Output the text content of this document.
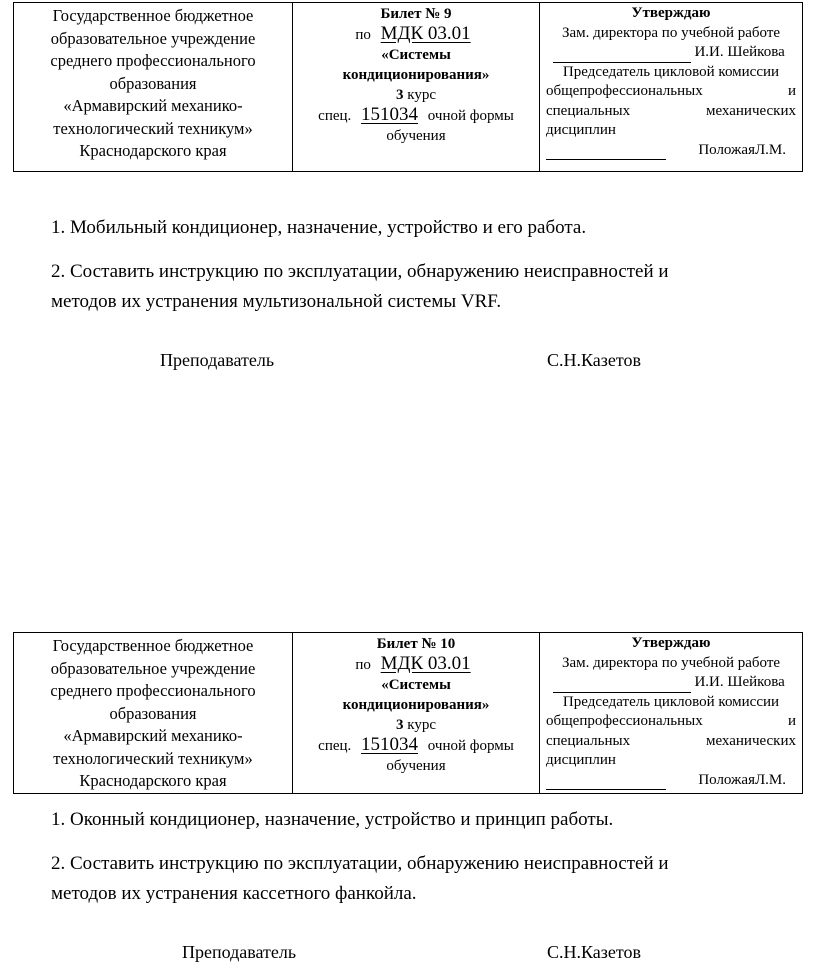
Государственное бюджетное
образовательное учреждение
среднего профессионального
образования
«Армавирский механико-
технологический техникум»
Краснодарского края

Билет № 9
по МДК 03.01
«Системы
кондиционирования»
3 курс
спец. 151034 очной формы
обучения

Утверждаю
Зам. директора по учебной работе
И.И. Шейкова
Председатель цикловой комиссии
общепрофессиональных	и
специальных	механических
дисциплин
ПоложаяЛ.М.
1. Мобильный кондиционер, назначение, устройство и его работа.
2. Составить инструкцию по эксплуатации, обнаружению неисправностей и
методов их устранения мультизональной системы VRF.
Преподаватель	С.Н.Казетов
Государственное бюджетное
образовательное учреждение
среднего профессионального
образования
«Армавирский механико-
технологический техникум»
Краснодарского края

Билет № 10
по МДК 03.01
«Системы
кондиционирования»
3 курс
спец. 151034 очной формы
обучения

Утверждаю
Зам. директора по учебной работе
И.И. Шейкова
Председатель цикловой комиссии
общепрофессиональных	и
специальных	механических
дисциплин
ПоложаяЛ.М.
1. Оконный кондиционер, назначение, устройство и принцип работы.
2. Составить инструкцию по эксплуатации, обнаружению неисправностей и
методов их устранения кассетного фанкойла.
Преподаватель	С.Н.Казетов
